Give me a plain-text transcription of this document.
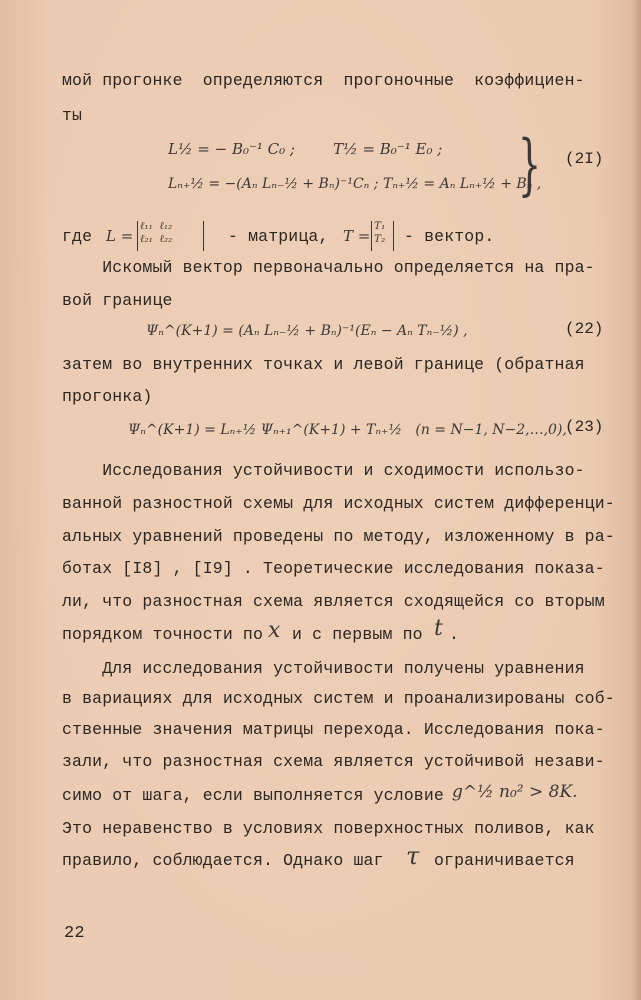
мой прогонке  определяются  прогоночные  коэффициен-
ты
L½ = − B₀⁻¹ C₀ ;        T½ = B₀⁻¹ E₀ ;
Lₙ₊½ = −(Aₙ Lₙ₋½ + Bₙ)⁻¹Cₙ ; Tₙ₊½ = Aₙ Lₙ₊½ + Bₙ ,
} (2I)
где L =
ℓ₁₁  ℓ₁₂
ℓ₂₁  ℓ₂₂	- матрица, T =
T₁
T₂ - вектор.
Искомый вектор первоначально определяется на пра-
вой границе
Ψₙ^(K+1) = (Aₙ Lₙ₋½ + Bₙ)⁻¹(Eₙ − Aₙ Tₙ₋½) ,	(22)
затем во внутренних точках и левой границе (обратная
прогонка)
Ψₙ^(K+1) = Lₙ₊½ Ψₙ₊₁^(K+1) + Tₙ₊½   (n = N−1, N−2,…,0),
(23)
Исследования устойчивости и сходимости использо-
ванной разностной схемы для исходных систем дифференци-
альных уравнений проведены по методу, изложенному в ра-
ботах [I8] , [I9] . Теоретические исследования показа-
ли, что разностная схема является сходящейся со вторым
порядком точности по x и с первым по t .
Для исследования устойчивости получены уравнения
в вариациях для исходных систем и проанализированы соб-
ственные значения матрицы перехода. Исследования пока-
зали, что разностная схема является устойчивой незави-
симо от шага, если выполняется условие g^½ n₀² > 8K.
Это неравенство в условиях поверхностных поливов, как
правило, соблюдается. Однако шаг τ ограничивается
22
